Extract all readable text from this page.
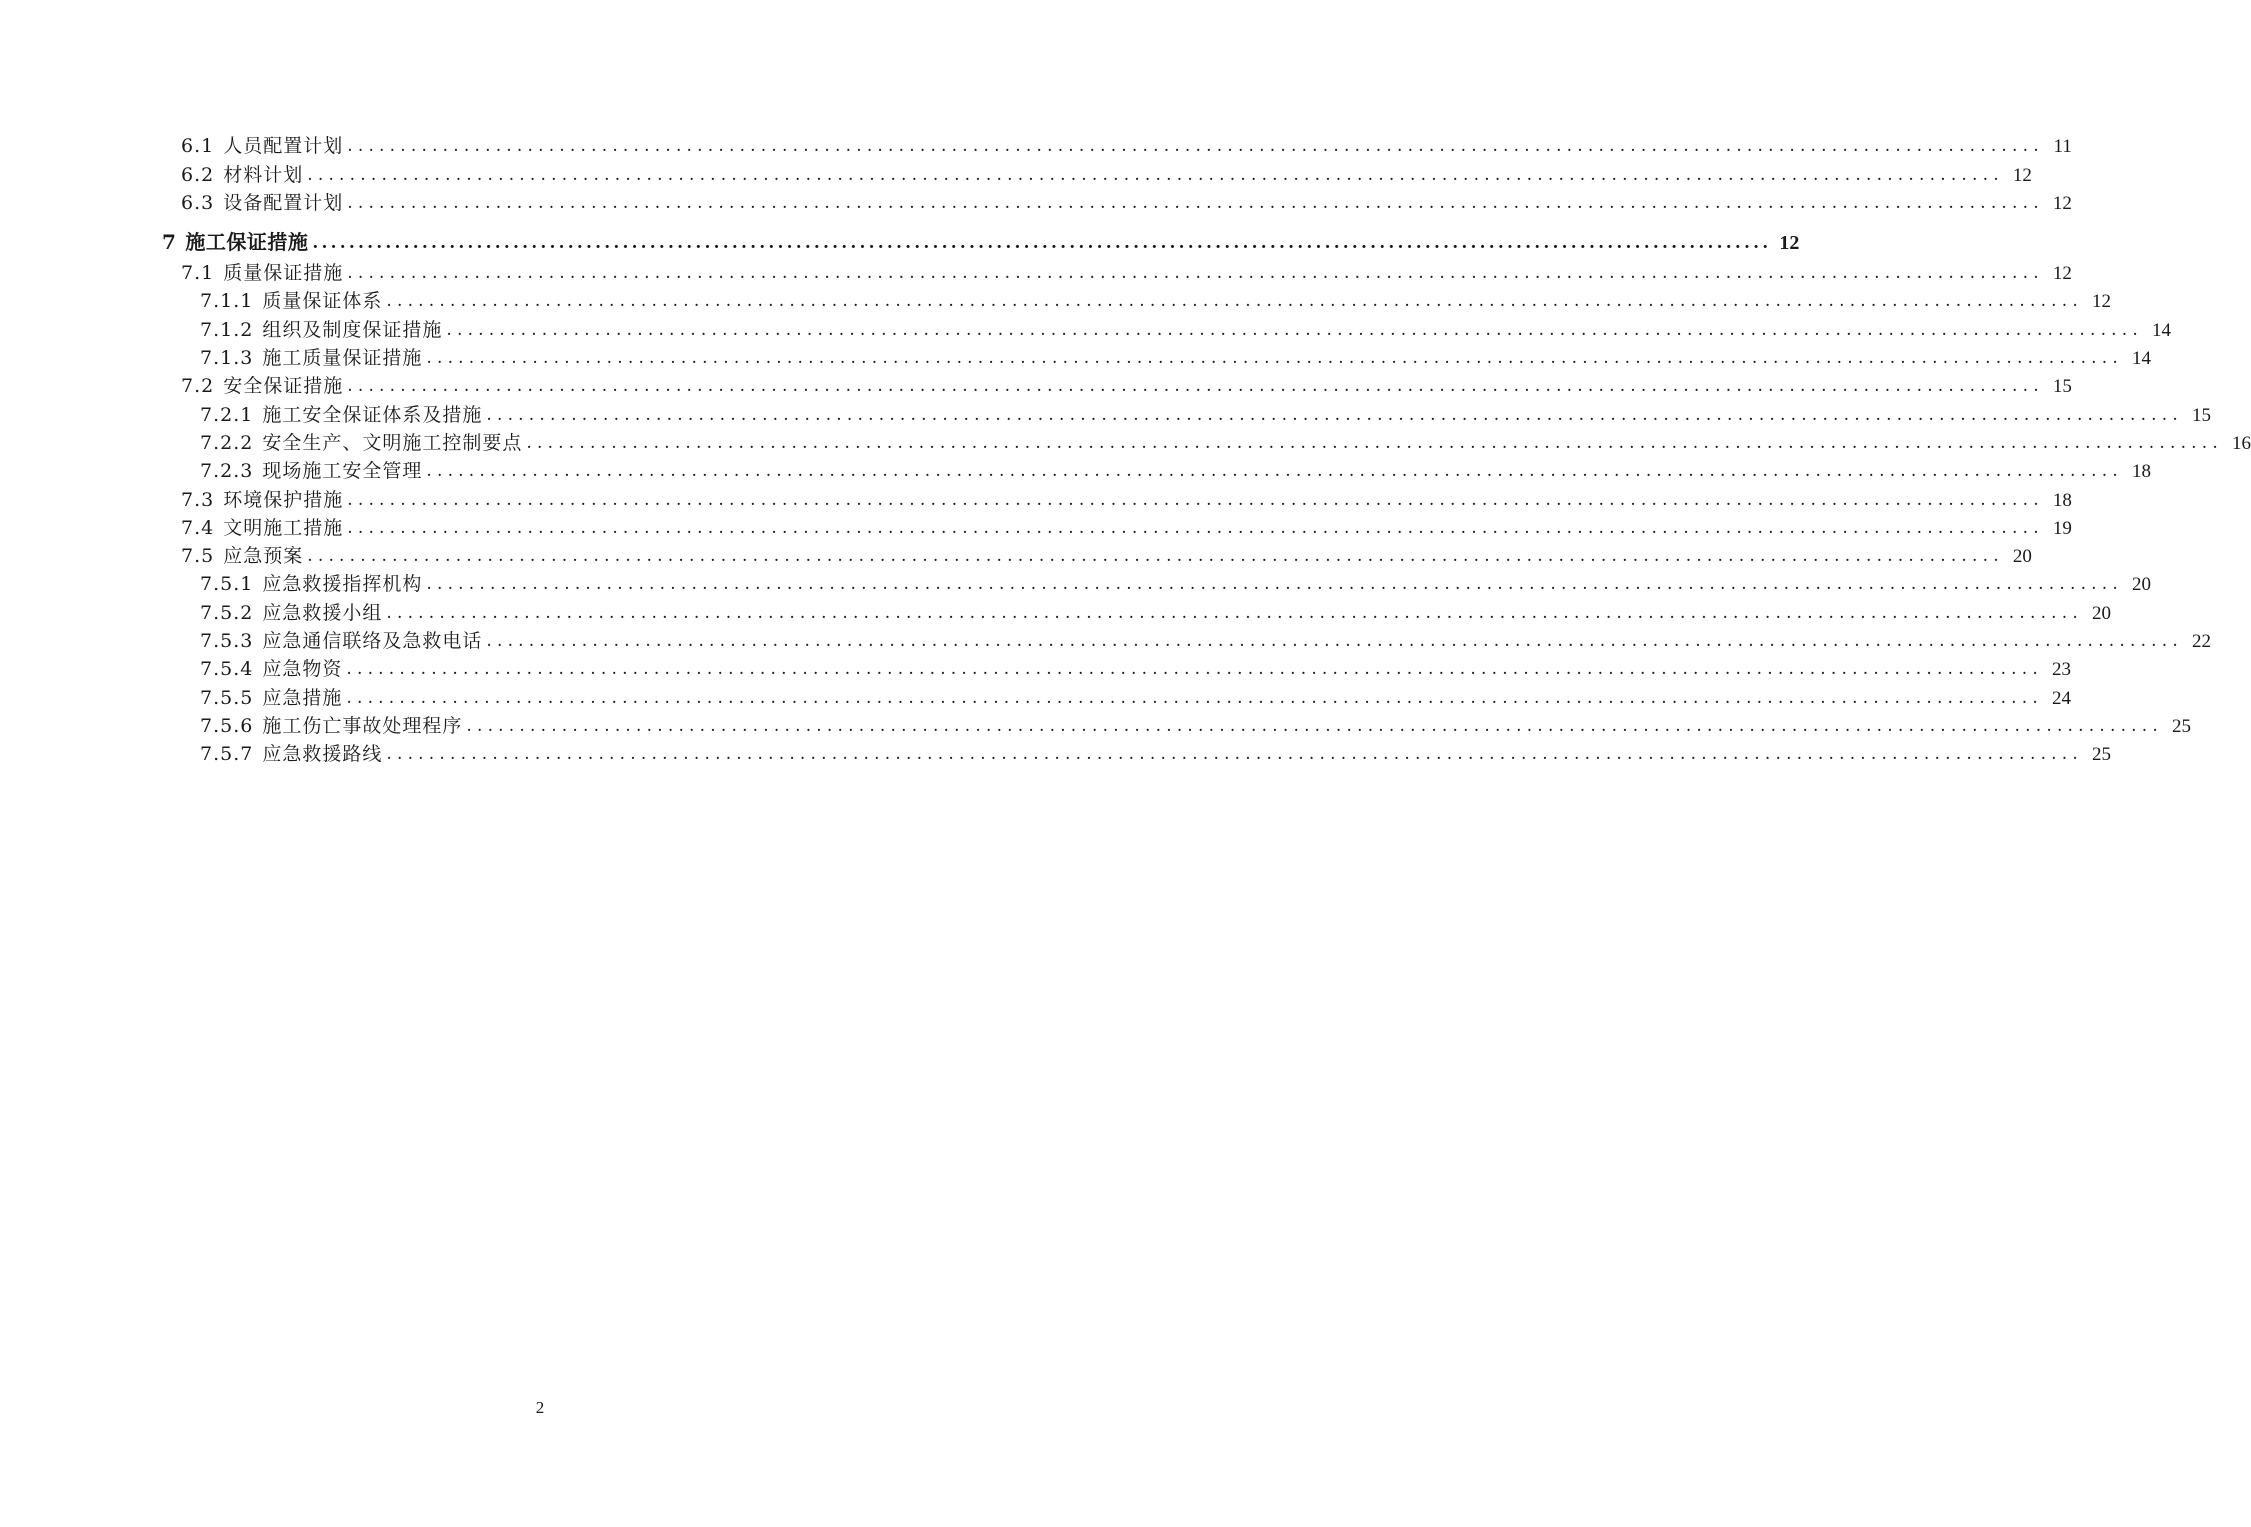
6.1 人员配置计划 ................................................................................................................................................................ 11
6.2 材料计划 ................................................................................................................................................................ 12
6.3 设备配置计划 ................................................................................................................................................................ 12
7 施工保证措施 ................................................................................................................................................................ 12
7.1 质量保证措施 ................................................................................................................................................................ 12
7.1.1 质量保证体系 ................................................................................................................................................................ 12
7.1.2 组织及制度保证措施 ................................................................................................................................................................ 14
7.1.3 施工质量保证措施 ................................................................................................................................................................ 14
7.2 安全保证措施 ................................................................................................................................................................ 15
7.2.1 施工安全保证体系及措施 ................................................................................................................................................................ 15
7.2.2 安全生产、文明施工控制要点 ................................................................................................................................................................ 16
7.2.3 现场施工安全管理 ................................................................................................................................................................ 18
7.3 环境保护措施 ................................................................................................................................................................ 18
7.4 文明施工措施 ................................................................................................................................................................ 19
7.5 应急预案 ................................................................................................................................................................ 20
7.5.1 应急救援指挥机构 ................................................................................................................................................................ 20
7.5.2 应急救援小组 ................................................................................................................................................................ 20
7.5.3 应急通信联络及急救电话 ................................................................................................................................................................ 22
7.5.4 应急物资 ................................................................................................................................................................ 23
7.5.5 应急措施 ................................................................................................................................................................ 24
7.5.6 施工伤亡事故处理程序 ................................................................................................................................................................ 25
7.5.7 应急救援路线 ................................................................................................................................................................ 25
2
